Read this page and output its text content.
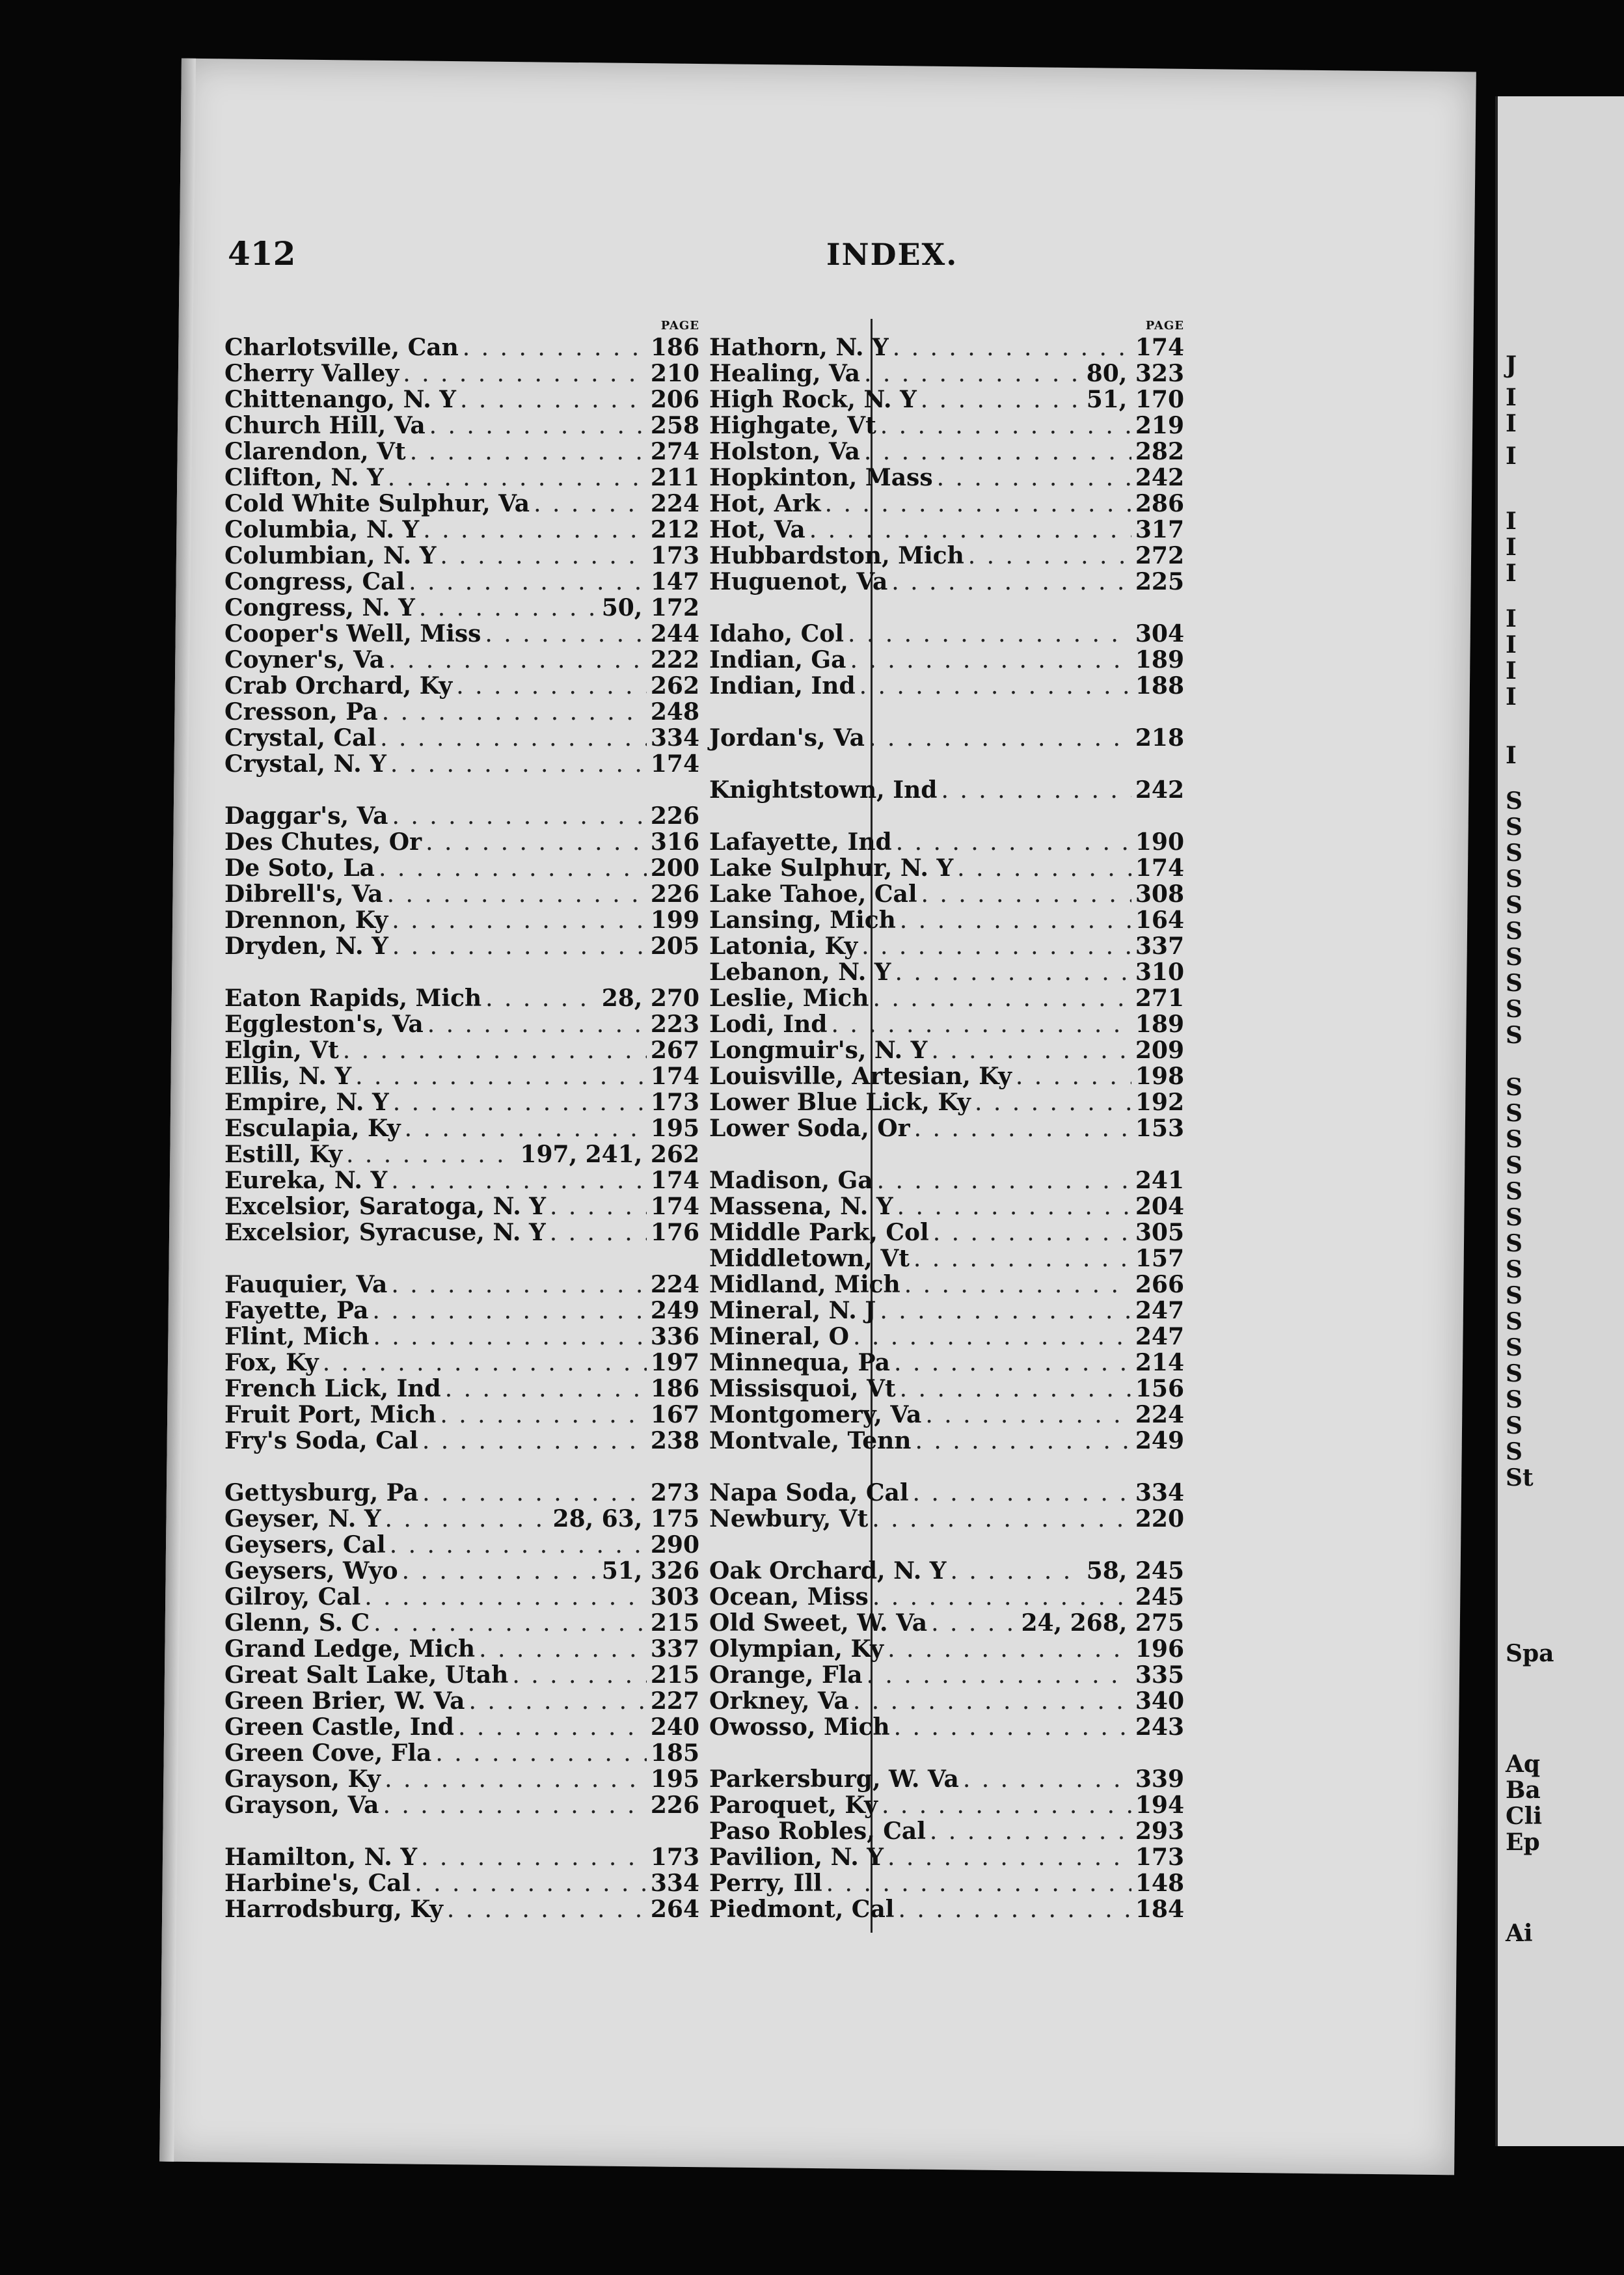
J
I
I
I
I
I
I
I
I
I
I
I
S
S
S
S
S
S
S
S
S
S
S
S
S
S
S
S
S
S
S
S
S
S
S
S
S
St
Spa
Aq
Ba
Cli
Ep
Ai
412	INDEX.
PAGE
Charlotsville, Can . . .	186
Cherry Valley . . .	210
Chittenango, N. Y . . .	206
Church Hill, Va . . .	258
Clarendon, Vt . . .	274
Clifton, N. Y . . .	211
Cold White Sulphur, Va . . .	224
Columbia, N. Y . . .	212
Columbian, N. Y . . .	173
Congress, Cal . . .	147
Congress, N. Y . . .	50, 172
Cooper's Well, Miss . . .	244
Coyner's, Va . . .	222
Crab Orchard, Ky . . .	262
Cresson, Pa . . .	248
Crystal, Cal . . .	334
Crystal, N. Y . . .	174
Daggar's, Va . . .	226
Des Chutes, Or . . .	316
De Soto, La . . .	200
Dibrell's, Va . . .	226
Drennon, Ky . . .	199
Dryden, N. Y . . .	205
Eaton Rapids, Mich . . .	28, 270
Eggleston's, Va . . .	223
Elgin, Vt . . .	267
Ellis, N. Y . . .	174
Empire, N. Y . . .	173
Esculapia, Ky . . .	195
Estill, Ky . . .	197, 241, 262
Eureka, N. Y . . .	174
Excelsior, Saratoga, N. Y . . .	174
Excelsior, Syracuse, N. Y . . .	176
Fauquier, Va . . .	224
Fayette, Pa . . .	249
Flint, Mich . . .	336
Fox, Ky . . .	197
French Lick, Ind . . .	186
Fruit Port, Mich . . .	167
Fry's Soda, Cal . . .	238
Gettysburg, Pa . . .	273
Geyser, N. Y . . .	28, 63, 175
Geysers, Cal . . .	290
Geysers, Wyo . . .	51, 326
Gilroy, Cal . . .	303
Glenn, S. C . . .	215
Grand Ledge, Mich . . .	337
Great Salt Lake, Utah . . .	215
Green Brier, W. Va . . .	227
Green Castle, Ind . . .	240
Green Cove, Fla . . .	185
Grayson, Ky . . .	195
Grayson, Va . . .	226
Hamilton, N. Y . . .	173
Harbine's, Cal . . .	334
Harrodsburg, Ky . . .	264
PAGE
Hathorn, N. Y . . .	174
Healing, Va . . .	80, 323
High Rock, N. Y . . .	51, 170
Highgate, Vt . . .	219
Holston, Va . . .	282
Hopkinton, Mass . . .	242
Hot, Ark . . .	286
Hot, Va . . .	317
Hubbardston, Mich . . .	272
Huguenot, Va . . .	225
Idaho, Col . . .	304
Indian, Ga . . .	189
Indian, Ind . . .	188
Jordan's, Va . . .	218
Knightstown, Ind . . .	242
Lafayette, Ind . . .	190
Lake Sulphur, N. Y . . .	174
Lake Tahoe, Cal . . .	308
Lansing, Mich . . .	164
Latonia, Ky . . .	337
Lebanon, N. Y . . .	310
Leslie, Mich . . .	271
Lodi, Ind . . .	189
Longmuir's, N. Y . . .	209
Louisville, Artesian, Ky . . .	198
Lower Blue Lick, Ky . . .	192
Lower Soda, Or . . .	153
Madison, Ga . . .	241
Massena, N. Y . . .	204
Middle Park, Col . . .	305
Middletown, Vt . . .	157
Midland, Mich . . .	266
Mineral, N. J . . .	247
Mineral, O . . .	247
Minnequa, Pa . . .	214
Missisquoi, Vt . . .	156
Montgomery, Va . . .	224
Montvale, Tenn . . .	249
Napa Soda, Cal . . .	334
Newbury, Vt . . .	220
Oak Orchard, N. Y . . .	58, 245
Ocean, Miss . . .	245
Old Sweet, W. Va . . .	24, 268, 275
Olympian, Ky . . .	196
Orange, Fla . . .	335
Orkney, Va . . .	340
Owosso, Mich . . .	243
Parkersburg, W. Va . . .	339
Paroquet, Ky . . .	194
Paso Robles, Cal . . .	293
Pavilion, N. Y . . .	173
Perry, Ill . . .	148
Piedmont, Cal . . .	184
